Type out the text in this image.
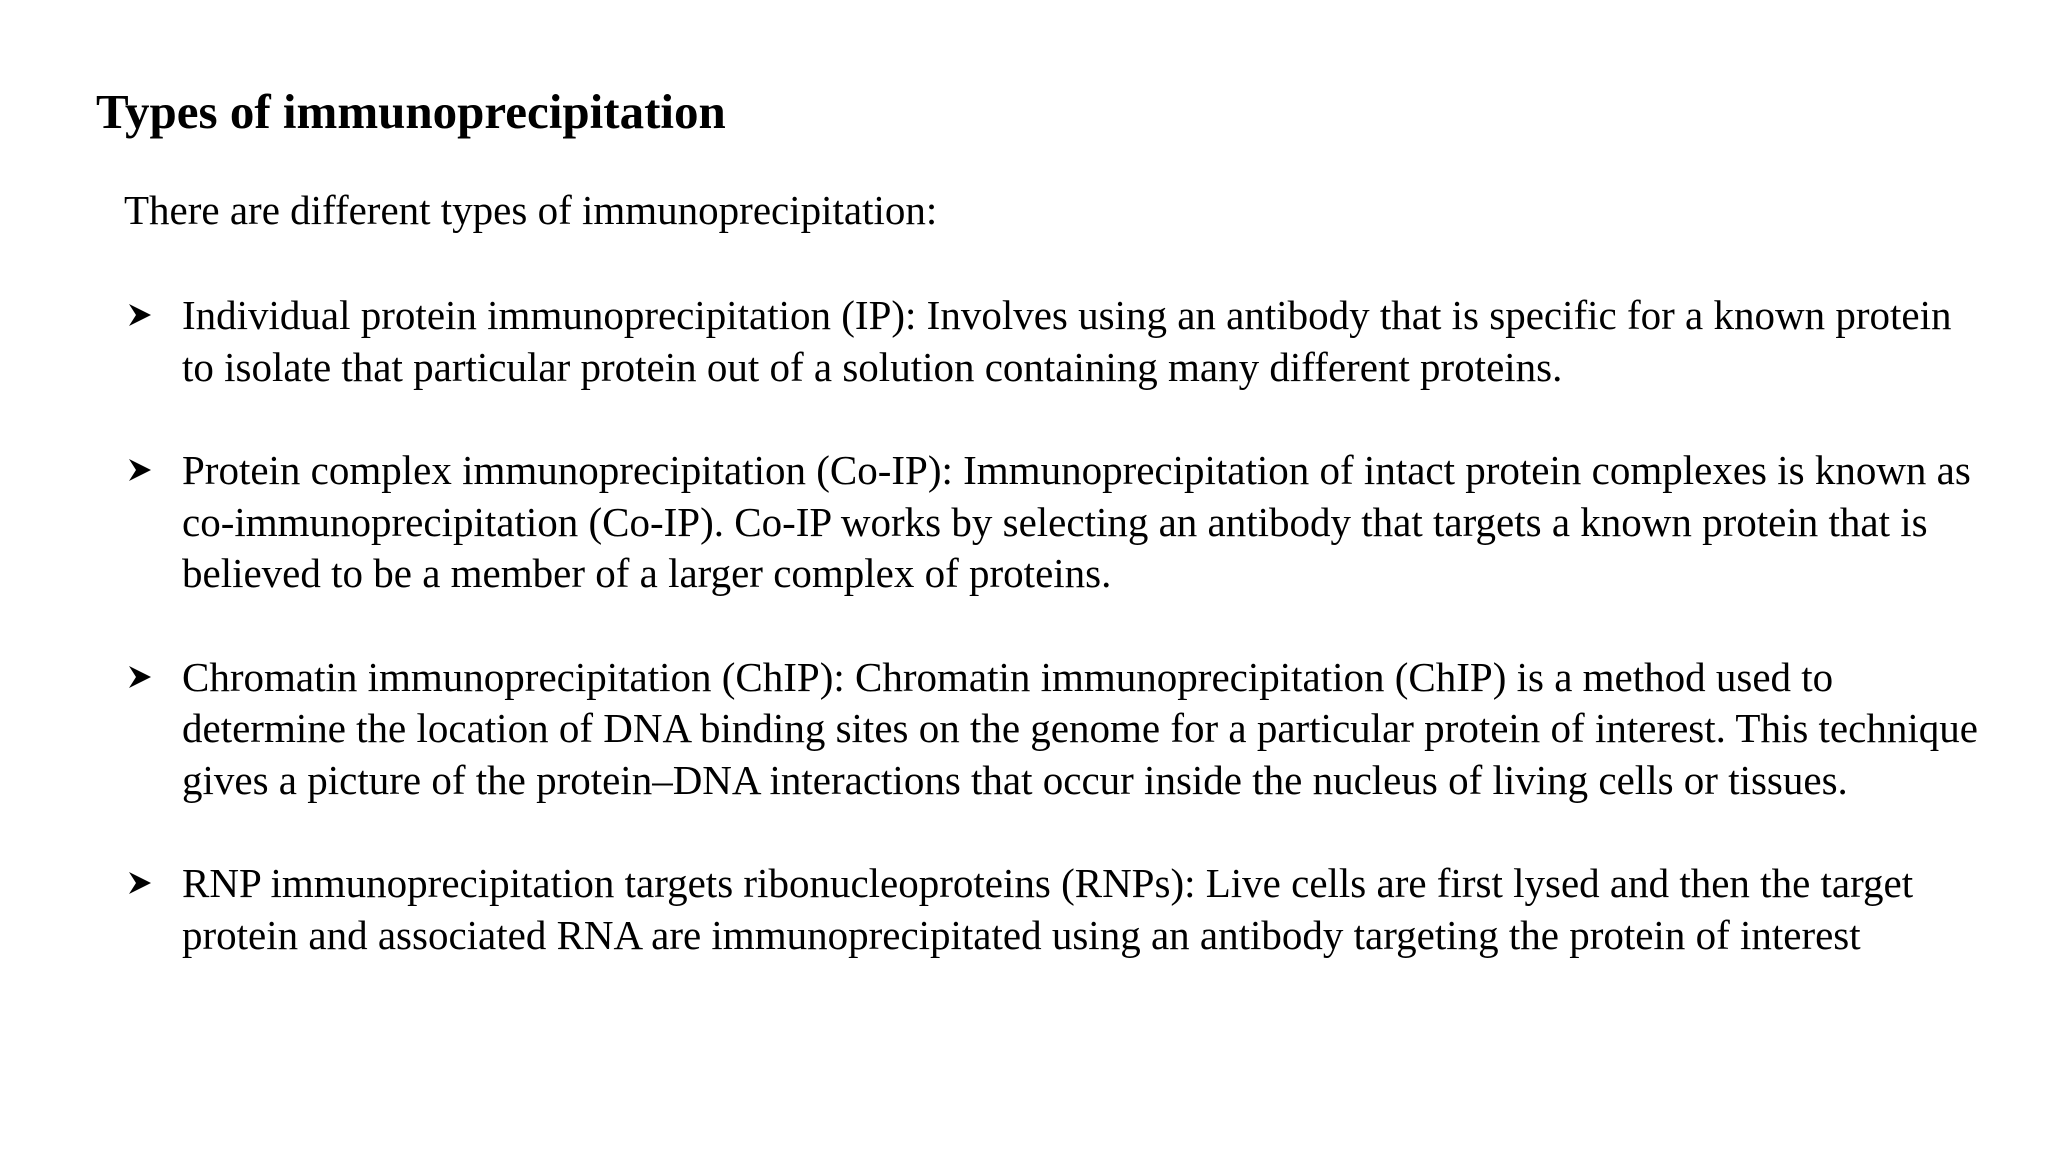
Types of immunoprecipitation
There are different types of immunoprecipitation:
Individual protein immunoprecipitation (IP): Involves using an antibody that is specific for a known protein to isolate that particular protein out of a solution containing many different proteins.
Protein complex immunoprecipitation (Co-IP): Immunoprecipitation of intact protein complexes is known as co-immunoprecipitation (Co-IP). Co-IP works by selecting an antibody that targets a known protein that is believed to be a member of a larger complex of proteins.
Chromatin immunoprecipitation (ChIP): Chromatin immunoprecipitation (ChIP) is a method used to determine the location of DNA binding sites on the genome for a particular protein of interest. This technique gives a picture of the protein–DNA interactions that occur inside the nucleus of living cells or tissues.
RNP immunoprecipitation targets ribonucleoproteins (RNPs): Live cells are first lysed and then the target protein and associated RNA are immunoprecipitated using an antibody targeting the protein of interest
